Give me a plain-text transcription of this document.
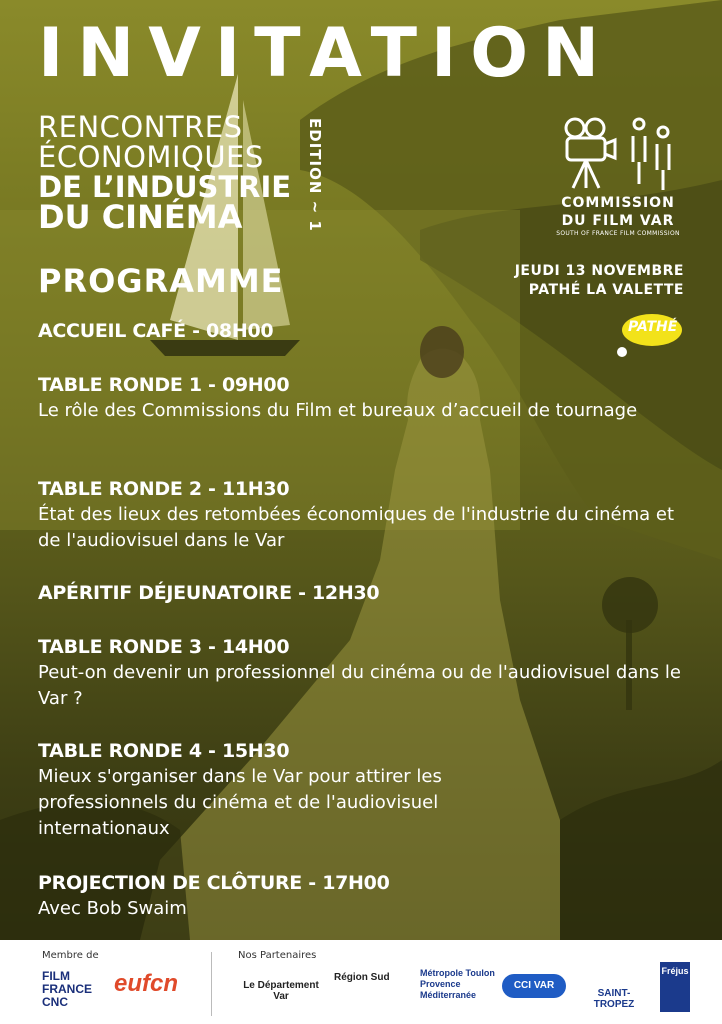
INVITATION
RENCONTRES
ÉCONOMIQUES
DE L’INDUSTRIE
DU CINÉMA	EDITION ~ 1	COMMISSION
DU FILM VAR
SOUTH OF FRANCE FILM COMMISSION
JEUDI 13 NOVEMBRE
PATHÉ LA VALETTE
PATHÉ
PROGRAMME
ACCUEIL CAFÉ - 08H00
TABLE RONDE 1 - 09H00
Le rôle des Commissions du Film et bureaux d’accueil de tournage
TABLE RONDE 2 - 11H30
État des lieux des retombées économiques de l'industrie du cinéma et de l'audiovisuel dans le Var
APÉRITIF DÉJEUNATOIRE - 12H30
TABLE RONDE 3 - 14H00
Peut-on devenir un professionnel du cinéma ou de l'audiovisuel dans le Var ?
TABLE RONDE 4 - 15H30
Mieux s'organiser dans le Var pour attirer les professionnels du cinéma et de l'audiovisuel internationaux
PROJECTION DE CLÔTURE - 17H00
Avec Bob Swaim
Membre de	Nos Partenaires
FILM FRANCE CNC
eufcn	Le Département Var
Région Sud	Métropole Toulon Provence Méditerranée
CCI VAR
SAINT-TROPEZ
Fréjus
